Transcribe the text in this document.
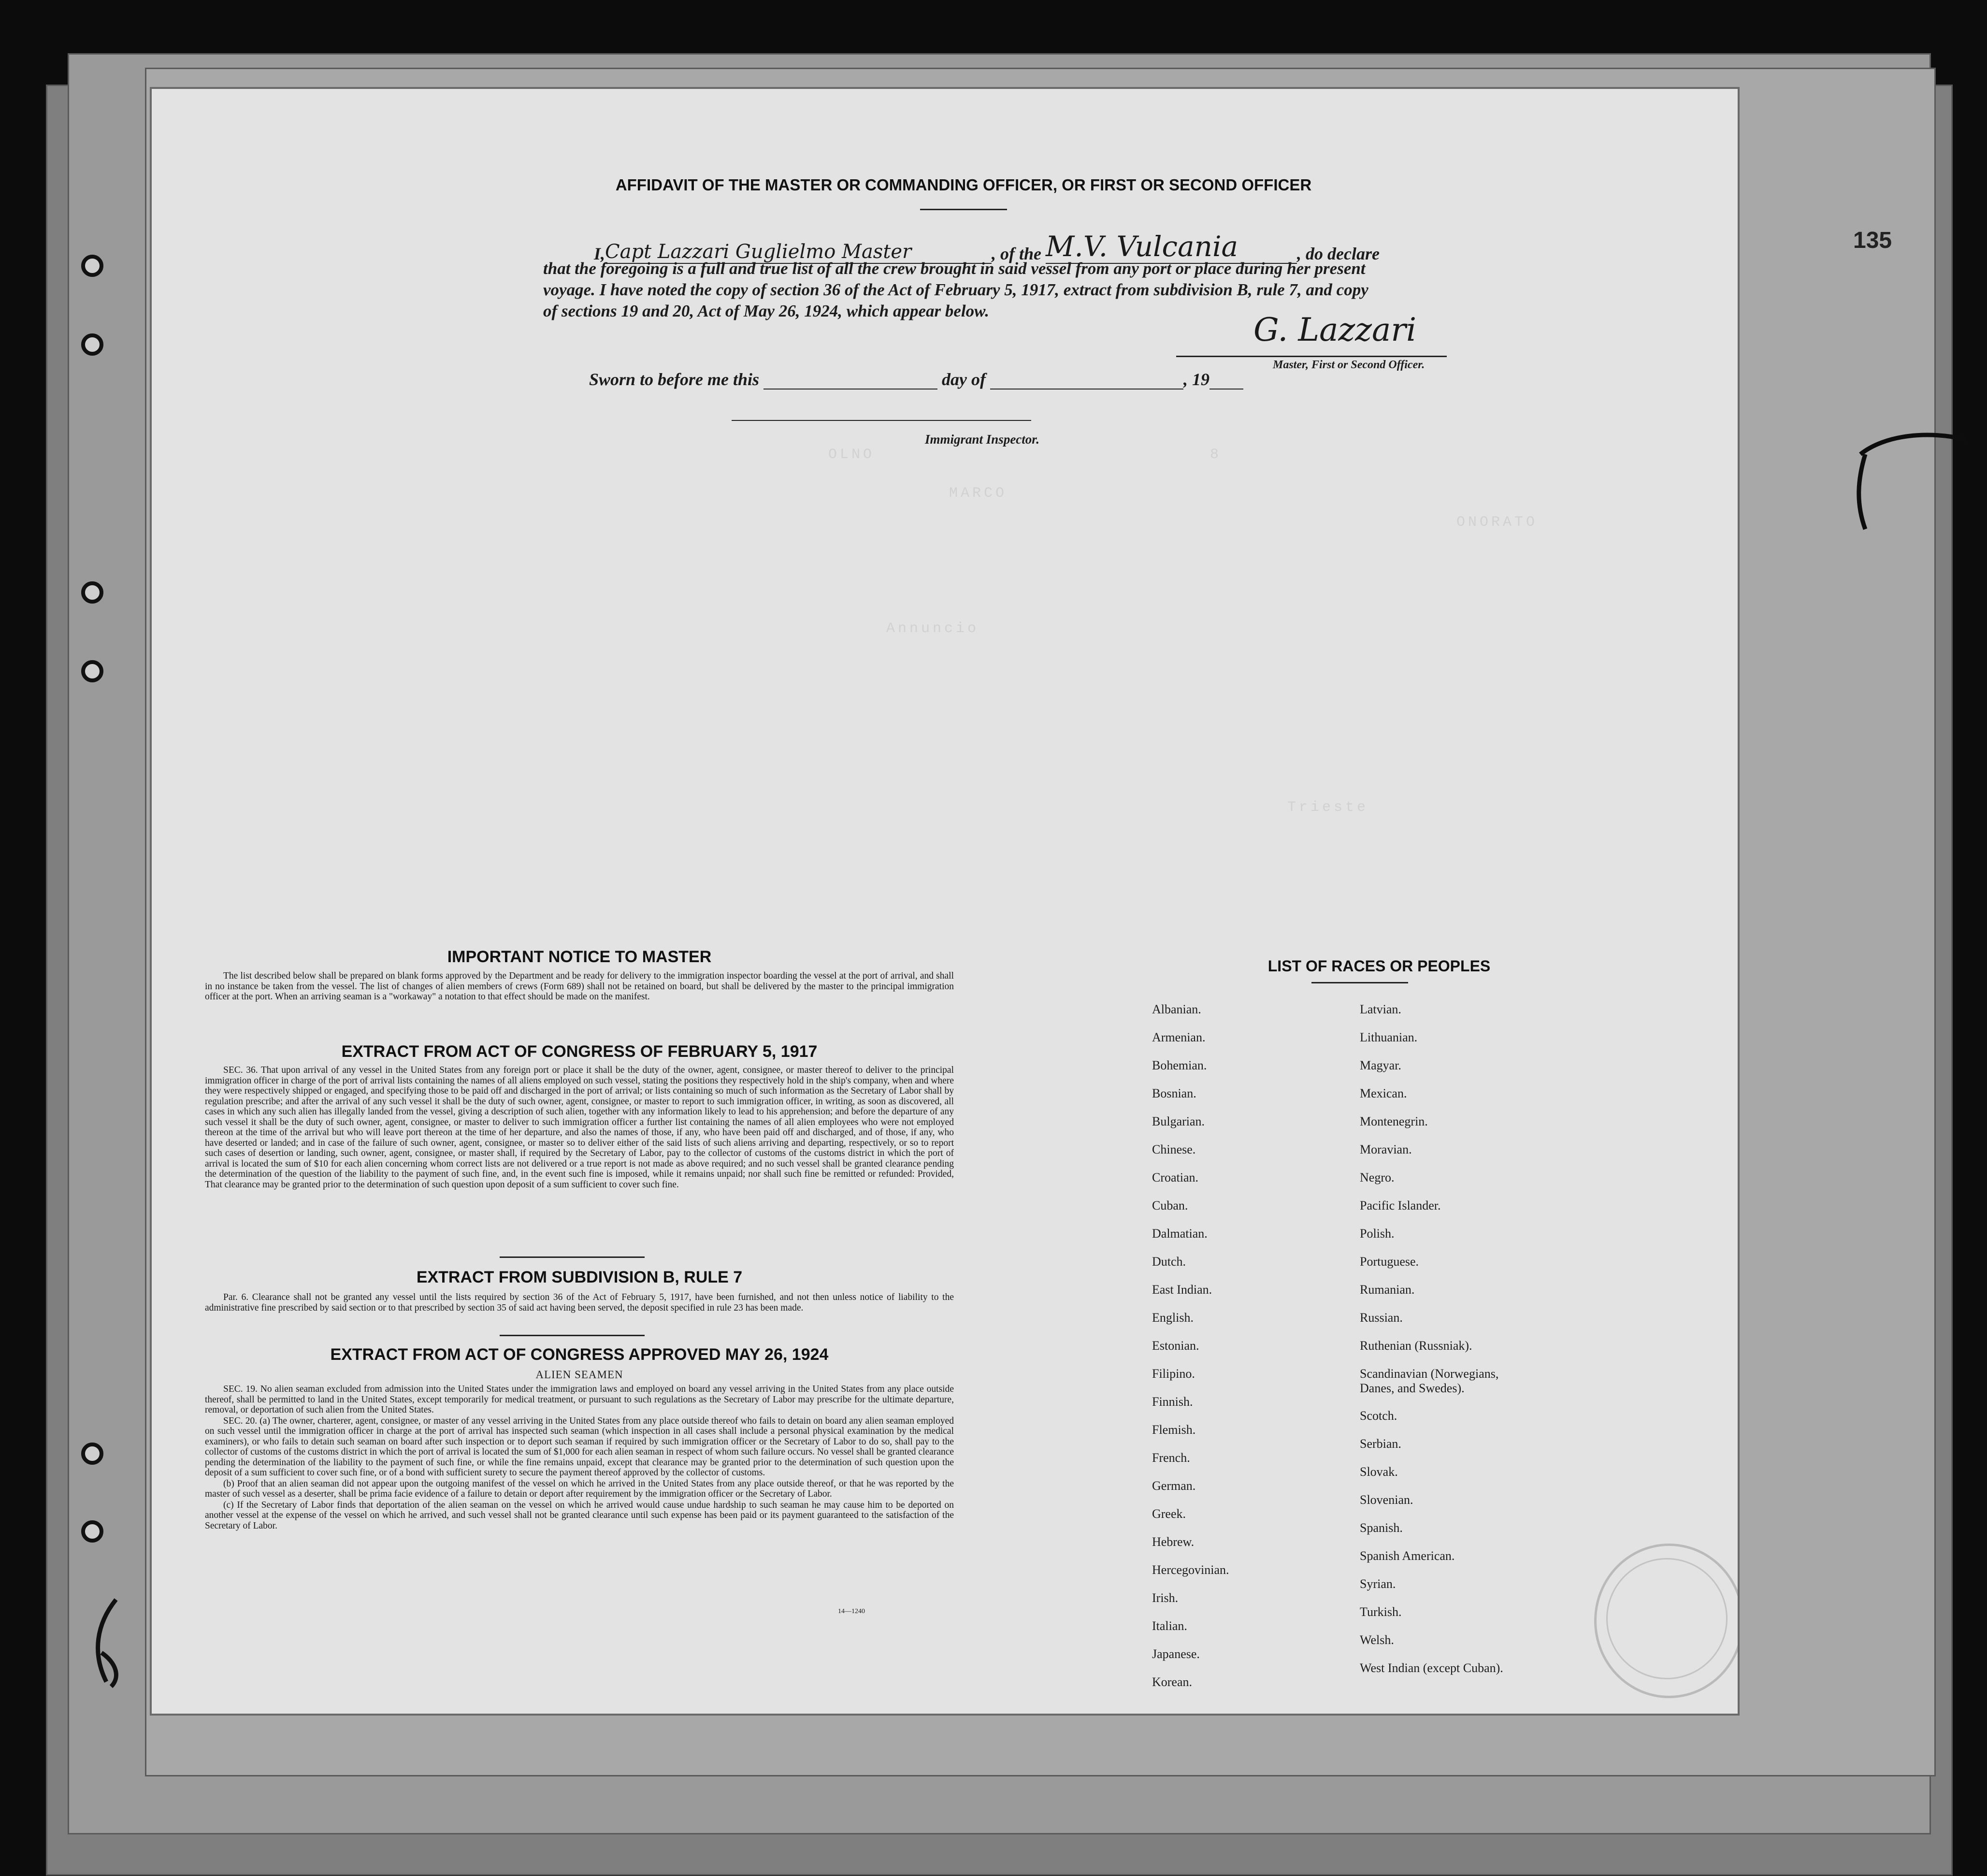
135
OLNO
MARCO
8
ONORATO
Annuncio
Trieste
AFFIDAVIT OF THE MASTER OR COMMANDING OFFICER, OR FIRST OR SECOND OFFICER
I,Capt Lazzari Guglielmo Master	, of the M.V. Vulcania	, do declare
that the foregoing is a full and true list of all the crew brought in said vessel from any port or place during her present
voyage. I have noted the copy of section 36 of the Act of February 5, 1917, extract from subdivision B, rule 7, and copy
of sections 19 and 20, Act of May 26, 1924, which appear below.
G. Lazzari
Master, First or Second Officer.
Sworn to before me this	day of	, 19
Immigrant Inspector.
IMPORTANT NOTICE TO MASTER

The list described below shall be prepared on blank forms approved by the Department and be ready for delivery to the immigration inspector boarding the vessel at the port of arrival, and shall in no instance be taken from the vessel. The list of changes of alien members of crews (Form 689) shall not be retained on board, but shall be delivered by the master to the principal immigration officer at the port. When an arriving seaman is a "workaway" a notation to that effect should be made on the manifest.

EXTRACT FROM ACT OF CONGRESS OF FEBRUARY 5, 1917

SEC. 36. That upon arrival of any vessel in the United States from any foreign port or place it shall be the duty of the owner, agent, consignee, or master thereof to deliver to the principal immigration officer in charge of the port of arrival lists containing the names of all aliens employed on such vessel, stating the positions they respectively hold in the ship's company, when and where they were respectively shipped or engaged, and specifying those to be paid off and discharged in the port of arrival; or lists containing so much of such information as the Secretary of Labor shall by regulation prescribe; and after the arrival of any such vessel it shall be the duty of such owner, agent, consignee, or master to report to such immigration officer, in writing, as soon as discovered, all cases in which any such alien has illegally landed from the vessel, giving a description of such alien, together with any information likely to lead to his apprehension; and before the departure of any such vessel it shall be the duty of such owner, agent, consignee, or master to deliver to such immigration officer a further list containing the names of all alien employees who were not employed thereon at the time of the arrival but who will leave port thereon at the time of her departure, and also the names of those, if any, who have been paid off and discharged, and of those, if any, who have deserted or landed; and in case of the failure of such owner, agent, consignee, or master so to deliver either of the said lists of such aliens arriving and departing, respectively, or so to report such cases of desertion or landing, such owner, agent, consignee, or master shall, if required by the Secretary of Labor, pay to the collector of customs of the customs district in which the port of arrival is located the sum of $10 for each alien concerning whom correct lists are not delivered or a true report is not made as above required; and no such vessel shall be granted clearance pending the determination of the question of the liability to the payment of such fine, and, in the event such fine is imposed, while it remains unpaid; nor shall such fine be remitted or refunded: Provided, That clearance may be granted prior to the determination of such question upon deposit of a sum sufficient to cover such fine.

EXTRACT FROM SUBDIVISION B, RULE 7

Par. 6. Clearance shall not be granted any vessel until the lists required by section 36 of the Act of February 5, 1917, have been furnished, and not then unless notice of liability to the administrative fine prescribed by said section or to that prescribed by section 35 of said act having been served, the deposit specified in rule 23 has been made.

EXTRACT FROM ACT OF CONGRESS APPROVED MAY 26, 1924
ALIEN SEAMEN

SEC. 19. No alien seaman excluded from admission into the United States under the immigration laws and employed on board any vessel arriving in the United States from any place outside thereof, shall be permitted to land in the United States, except temporarily for medical treatment, or pursuant to such regulations as the Secretary of Labor may prescribe for the ultimate departure, removal, or deportation of such alien from the United States.

SEC. 20. (a) The owner, charterer, agent, consignee, or master of any vessel arriving in the United States from any place outside thereof who fails to detain on board any alien seaman employed on such vessel until the immigration officer in charge at the port of arrival has inspected such seaman (which inspection in all cases shall include a personal physical examination by the medical examiners), or who fails to detain such seaman on board after such inspection or to deport such seaman if required by such immigration officer or the Secretary of Labor to do so, shall pay to the collector of customs of the customs district in which the port of arrival is located the sum of $1,000 for each alien seaman in respect of whom such failure occurs. No vessel shall be granted clearance pending the determination of the liability to the payment of such fine, or while the fine remains unpaid, except that clearance may be granted prior to the determination of such question upon the deposit of a sum sufficient to cover such fine, or of a bond with sufficient surety to secure the payment thereof approved by the collector of customs.

(b) Proof that an alien seaman did not appear upon the outgoing manifest of the vessel on which he arrived in the United States from any place outside thereof, or that he was reported by the master of such vessel as a deserter, shall be prima facie evidence of a failure to detain or deport after requirement by the immigration officer or the Secretary of Labor.

(c) If the Secretary of Labor finds that deportation of the alien seaman on the vessel on which he arrived would cause undue hardship to such seaman he may cause him to be deported on another vessel at the expense of the vessel on which he arrived, and such vessel shall not be granted clearance until such expense has been paid or its payment guaranteed to the satisfaction of the Secretary of Labor.

14—1240
LIST OF RACES OR PEOPLES
Albanian.
Armenian.
Bohemian.
Bosnian.
Bulgarian.
Chinese.
Croatian.
Cuban.
Dalmatian.
Dutch.
East Indian.
English.
Estonian.
Filipino.
Finnish.
Flemish.
French.
German.
Greek.
Hebrew.
Hercegovinian.
Irish.
Italian.
Japanese.
Korean.
Latvian.
Lithuanian.
Magyar.
Mexican.
Montenegrin.
Moravian.
Negro.
Pacific Islander.
Polish.
Portuguese.
Rumanian.
Russian.
Ruthenian (Russniak).
Scandinavian (Norwegians,
Danes, and Swedes).
Scotch.
Serbian.
Slovak.
Slovenian.
Spanish.
Spanish American.
Syrian.
Turkish.
Welsh.
West Indian (except Cuban).
